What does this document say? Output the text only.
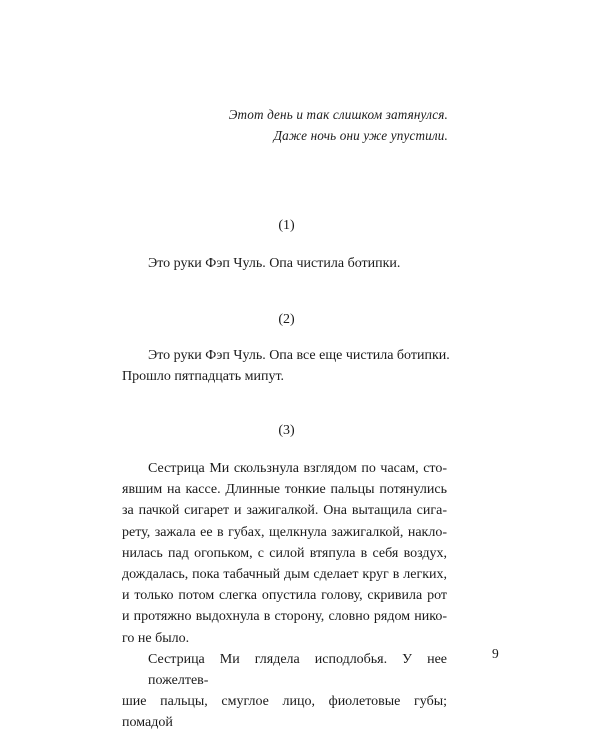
Этот день и так слишком затянулся.
Даже ночь они уже упустили.
(1)
Это руки Фэп Чуль. Опа чистила ботипки.
(2)
Это руки Фэп Чуль. Опа все еще чистила ботипки.
Прошло пятпадцать мипут.
(3)
Сестрица Ми скользнула взглядом по часам, сто-
явшим на кассе. Длинные тонкие пальцы потянулись
за пачкой сигарет и зажигалкой. Она вытащила сига-
рету, зажала ее в губах, щелкнула зажигалкой, накло-
нилась пад огопьком, с силой втяпула в себя воздух,
дождалась, пока табачный дым сделает круг в легких,
и только потом слегка опустила голову, скривила рот
и протяжно выдохнула в сторону, словно рядом нико-
го не было.
Сестрица Ми глядела исподлобья. У нее пожелтев-
шие пальцы, смуглое лицо, фиолетовые губы; помадой
9
